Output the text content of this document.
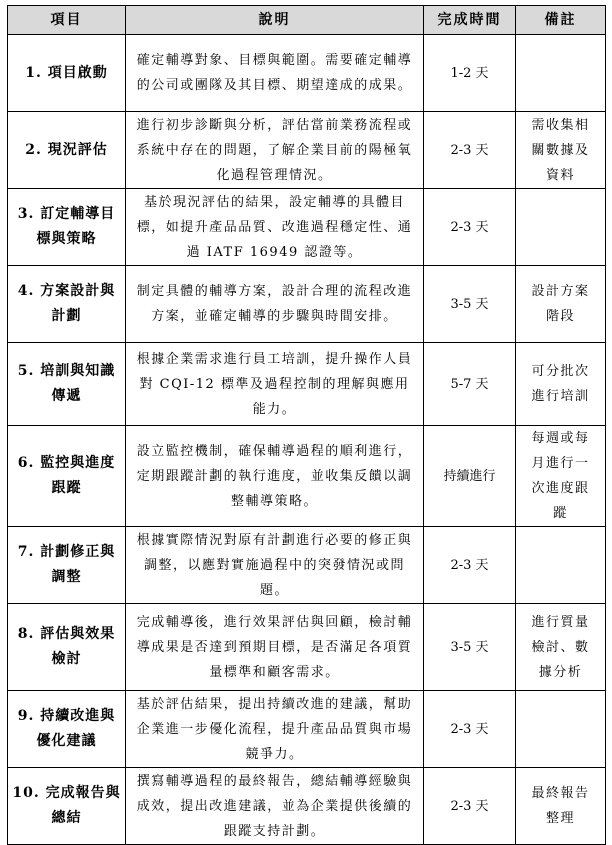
項目	說明	完成時間	備註
1. 項目啟動	確定輔導對象、目標與範圍。需要確定輔導的公司或團隊及其目標、期望達成的成果。	1-2 天	
2. 現況評估	進行初步診斷與分析，評估當前業務流程或系統中存在的問題，了解企業目前的陽極氧化過程管理情況。	2-3 天	需收集相關數據及資料
3. 訂定輔導目標與策略	基於現況評估的結果，設定輔導的具體目標，如提升產品品質、改進過程穩定性、通過 IATF 16949 認證等。	2-3 天	
4. 方案設計與計劃	制定具體的輔導方案，設計合理的流程改進方案，並確定輔導的步驟與時間安排。	3-5 天	設計方案階段
5. 培訓與知識傳遞	根據企業需求進行員工培訓，提升操作人員對 CQI-12 標準及過程控制的理解與應用能力。	5-7 天	可分批次進行培訓
6. 監控與進度跟蹤	設立監控機制，確保輔導過程的順利進行，定期跟蹤計劃的執行進度，並收集反饋以調整輔導策略。	持續進行	每週或每月進行一次進度跟蹤
7. 計劃修正與調整	根據實際情況對原有計劃進行必要的修正與調整，以應對實施過程中的突發情況或問題。	2-3 天	
8. 評估與效果檢討	完成輔導後，進行效果評估與回顧，檢討輔導成果是否達到預期目標，是否滿足各項質量標準和顧客需求。	3-5 天	進行質量檢討、數據分析
9. 持續改進與優化建議	基於評估結果，提出持續改進的建議，幫助企業進一步優化流程，提升產品品質與市場競爭力。	2-3 天	
10. 完成報告與總結	撰寫輔導過程的最終報告，總結輔導經驗與成效，提出改進建議，並為企業提供後續的跟蹤支持計劃。	2-3 天	最終報告整理
